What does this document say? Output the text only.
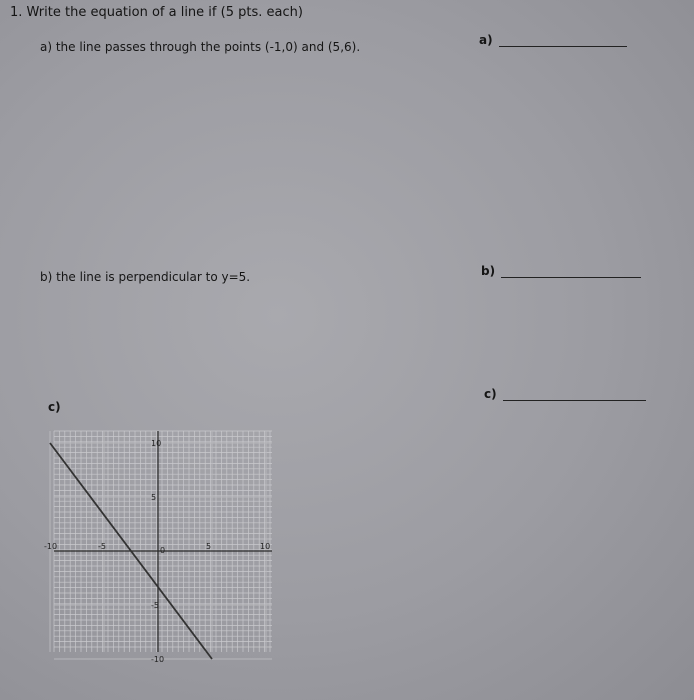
1. Write the equation of a line if (5 pts. each)
a) the line passes through the points (-1,0) and (5,6).
b) the line is perpendicular to y=5.
c)
a)
b)
c)
-10	-5	0	5	10
10
5
-5
-10
